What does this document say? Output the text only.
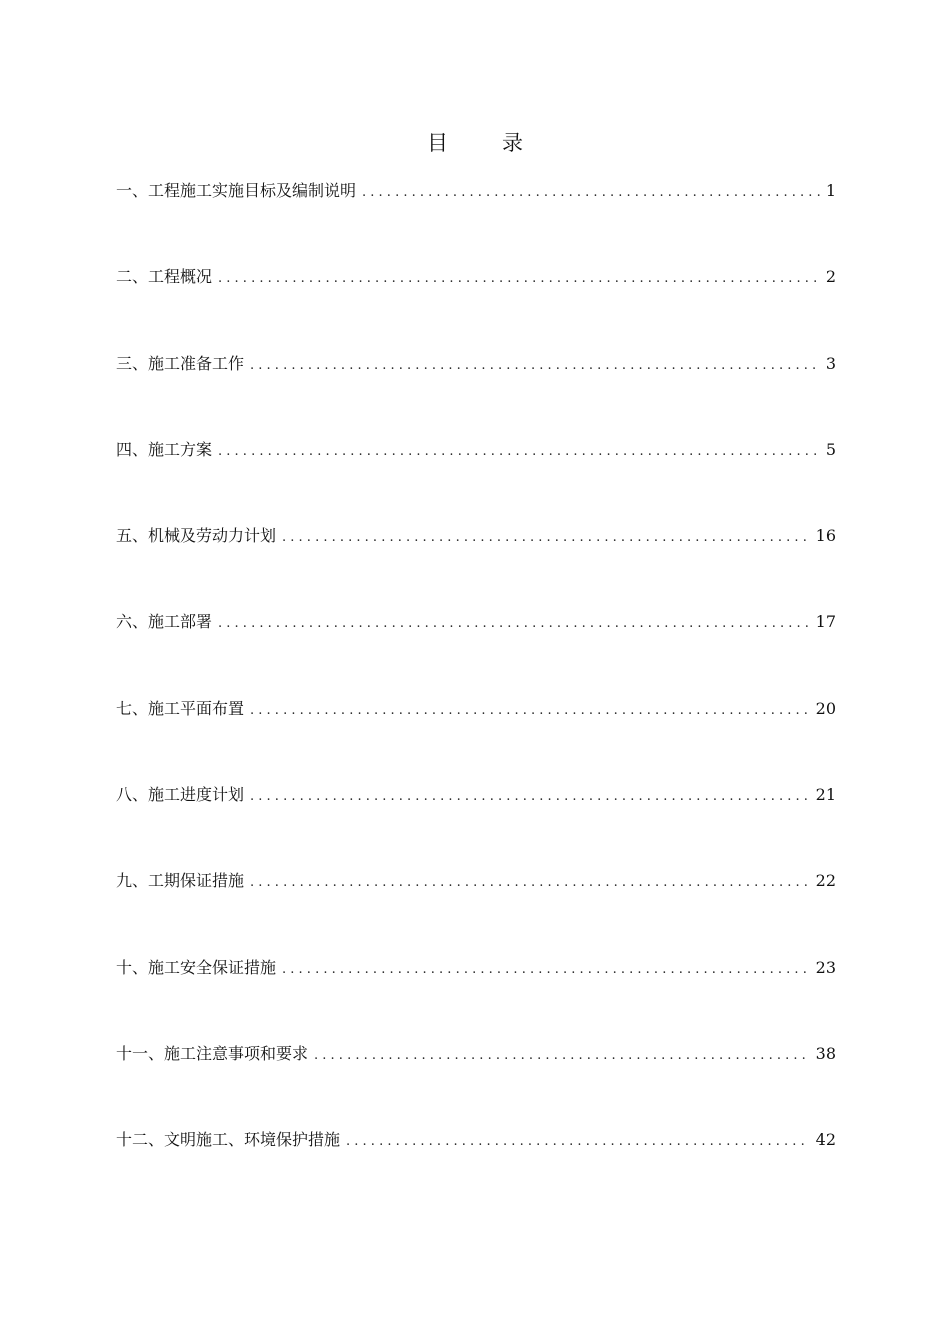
目	录
一、工程施工实施目标及编制说明 . . .	1
二、工程概况 . . .	2
三、施工准备工作 . . .	3
四、施工方案 . . .	5
五、机械及劳动力计划 . . .	16
六、施工部署 . . .	17
七、施工平面布置 . . .	20
八、施工进度计划 . . .	21
九、工期保证措施 . . .	22
十、施工安全保证措施 . . .	23
十一、施工注意事项和要求 . . .	38
十二、文明施工、环境保护措施 . . .	42
